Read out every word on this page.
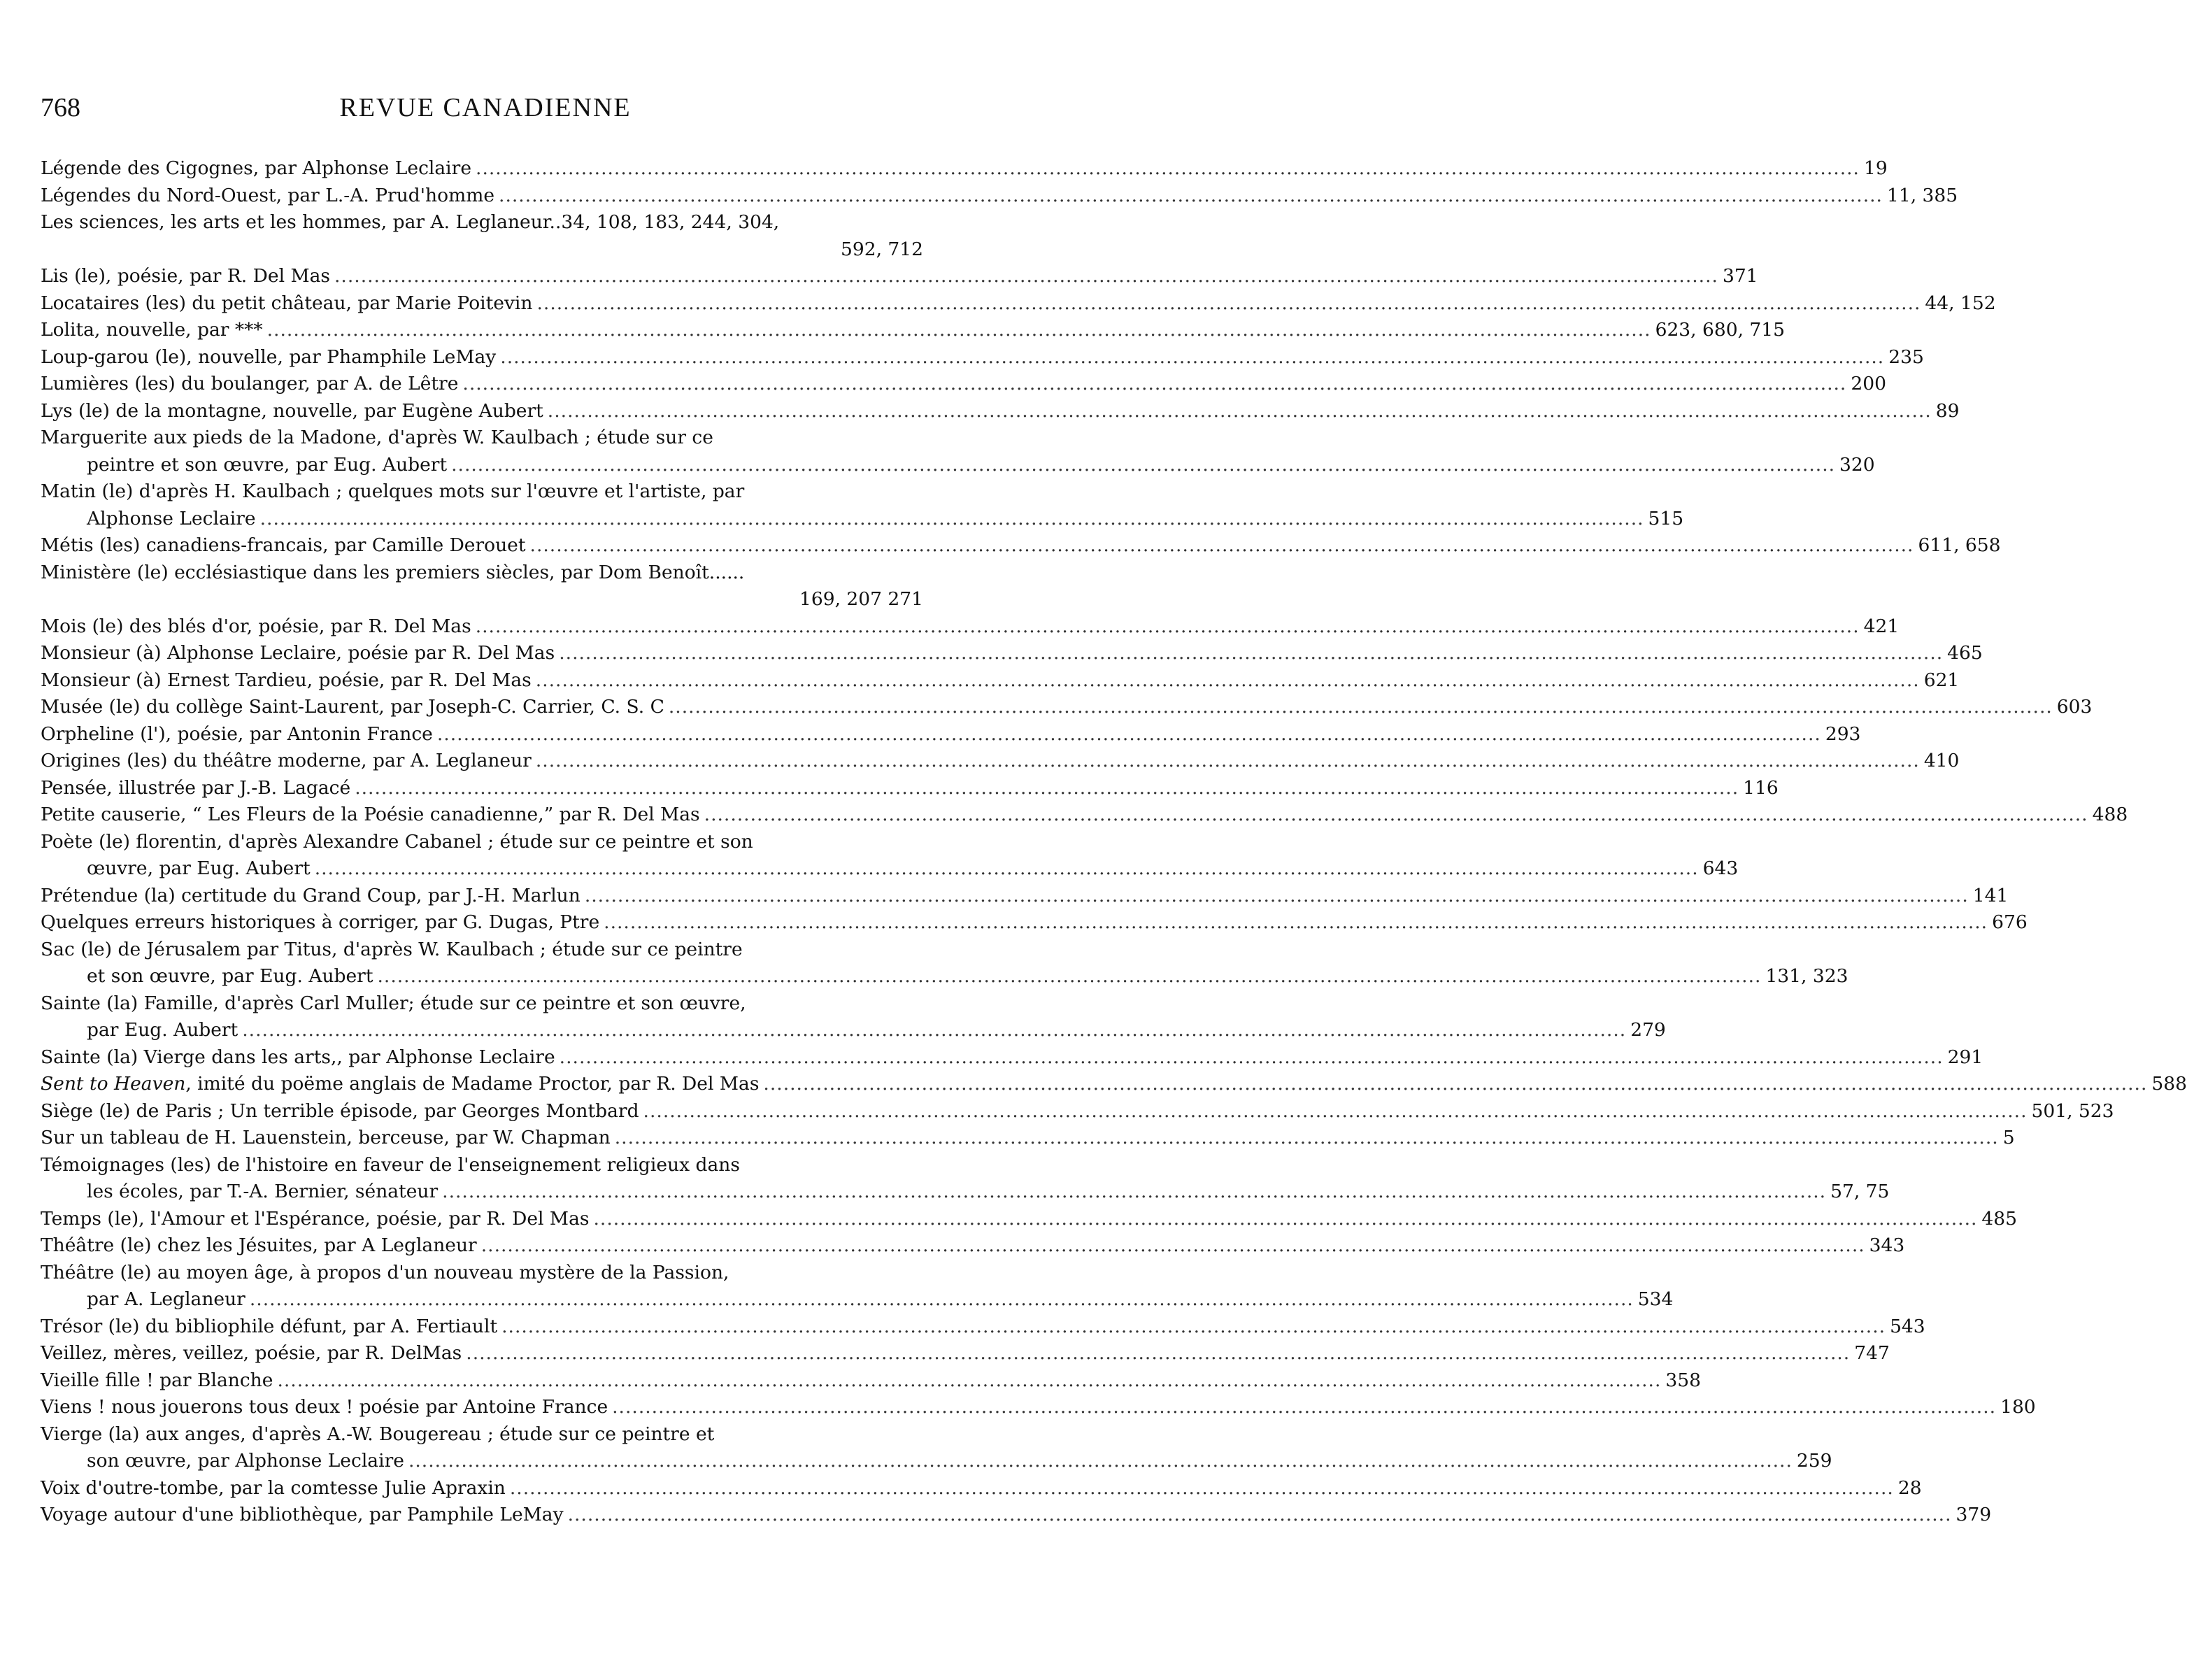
768	REVUE CANADIENNE
Légende des Cigognes, par Alphonse Leclaire .....	19
Légendes du Nord-Ouest, par L.-A. Prud'homme .....	11, 385
Les sciences, les arts et les hommes, par A. Leglaneur..34, 108, 183, 244, 304,
592, 712
Lis (le), poésie, par R. Del Mas .....	371
Locataires (les) du petit château, par Marie Poitevin .....	44, 152
Lolita, nouvelle, par *** .....	623, 680, 715
Loup-garou (le), nouvelle, par Phamphile LeMay .....	235
Lumières (les) du boulanger, par A. de Lêtre .....	200
Lys (le) de la montagne, nouvelle, par Eugène Aubert .....	89
Marguerite aux pieds de la Madone, d'après W. Kaulbach ; étude sur ce
peintre et son œuvre, par Eug. Aubert .....	320
Matin (le) d'après H. Kaulbach ; quelques mots sur l'œuvre et l'artiste, par
Alphonse Leclaire .....	515
Métis (les) canadiens-francais, par Camille Derouet .....	611, 658
Ministère (le) ecclésiastique dans les premiers siècles, par Dom Benoît......
169, 207 271
Mois (le) des blés d'or, poésie, par R. Del Mas .....	421
Monsieur (à) Alphonse Leclaire, poésie par R. Del Mas .....	465
Monsieur (à) Ernest Tardieu, poésie, par R. Del Mas .....	621
Musée (le) du collège Saint-Laurent, par Joseph-C. Carrier, C. S. C .....	603
Orpheline (l'), poésie, par Antonin France .....	293
Origines (les) du théâtre moderne, par A. Leglaneur .....	410
Pensée, illustrée par J.-B. Lagacé .....	116
Petite causerie, “ Les Fleurs de la Poésie canadienne,” par R. Del Mas .....	488
Poète (le) florentin, d'après Alexandre Cabanel ; étude sur ce peintre et son
œuvre, par Eug. Aubert .....	643
Prétendue (la) certitude du Grand Coup, par J.-H. Marlun .....	141
Quelques erreurs historiques à corriger, par G. Dugas, Ptre .....	676
Sac (le) de Jérusalem par Titus, d'après W. Kaulbach ; étude sur ce peintre
et son œuvre, par Eug. Aubert .....	131, 323
Sainte (la) Famille, d'après Carl Muller; étude sur ce peintre et son œuvre,
par Eug. Aubert .....	279
Sainte (la) Vierge dans les arts,, par Alphonse Leclaire .....	291
Sent to Heaven, imité du poëme anglais de Madame Proctor, par R. Del Mas .....	588
Siège (le) de Paris ; Un terrible épisode, par Georges Montbard .....	501, 523
Sur un tableau de H. Lauenstein, berceuse, par W. Chapman .....	5
Témoignages (les) de l'histoire en faveur de l'enseignement religieux dans
les écoles, par T.-A. Bernier, sénateur .....	57, 75
Temps (le), l'Amour et l'Espérance, poésie, par R. Del Mas .....	485
Théâtre (le) chez les Jésuites, par A Leglaneur .....	343
Théâtre (le) au moyen âge, à propos d'un nouveau mystère de la Passion,
par A. Leglaneur .....	534
Trésor (le) du bibliophile défunt, par A. Fertiault .....	543
Veillez, mères, veillez, poésie, par R. DelMas .....	747
Vieille fille ! par Blanche .....	358
Viens ! nous jouerons tous deux ! poésie par Antoine France .....	180
Vierge (la) aux anges, d'après A.-W. Bougereau ; étude sur ce peintre et
son œuvre, par Alphonse Leclaire .....	259
Voix d'outre-tombe, par la comtesse Julie Apraxin .....	28
Voyage autour d'une bibliothèque, par Pamphile LeMay .....	379
